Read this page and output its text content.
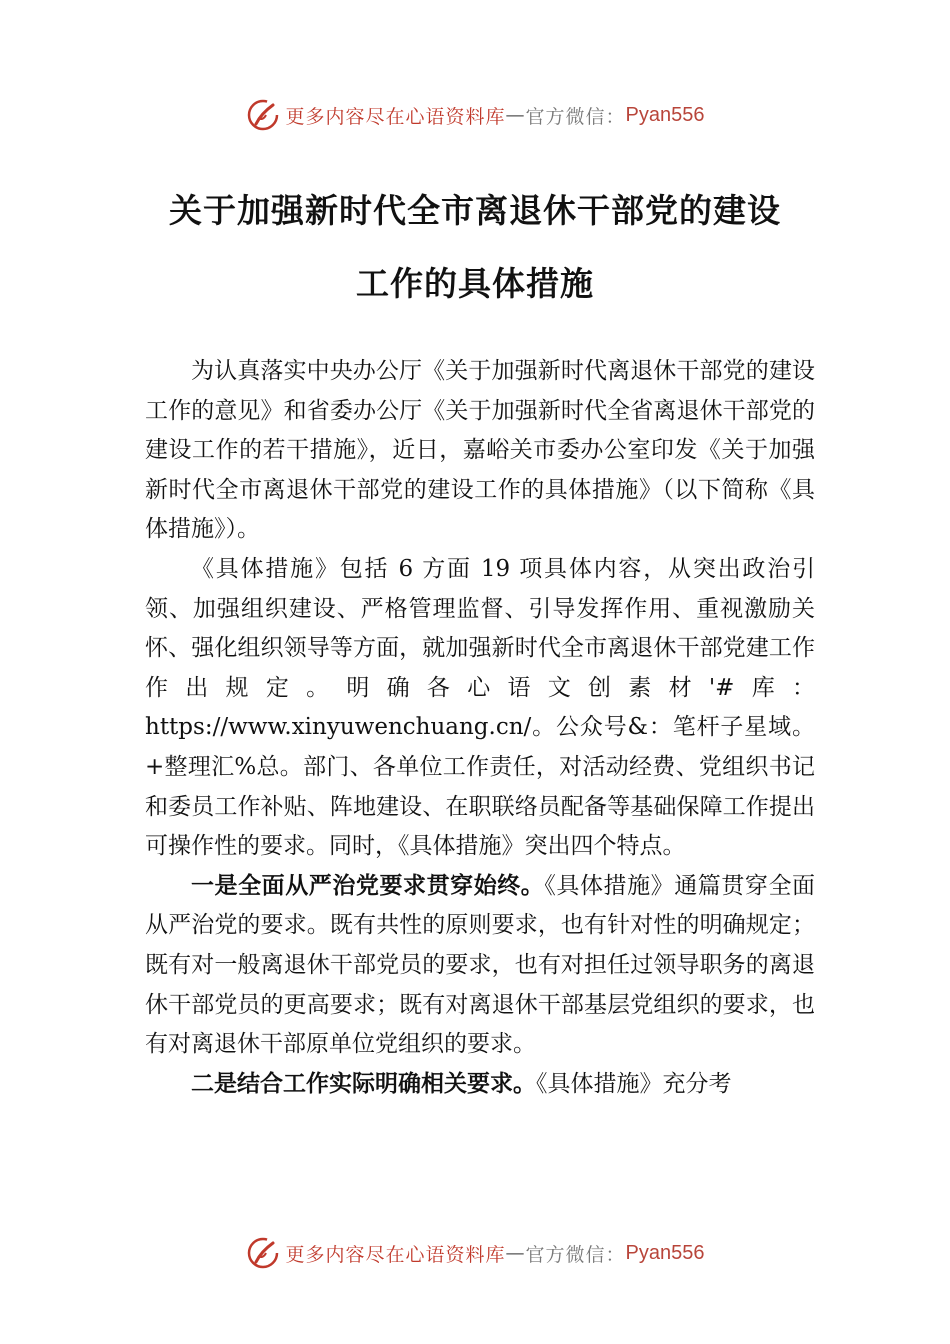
更多内容尽在心语资料库 — 官方微信： Pyan556
关于加强新时代全市离退休干部党的建设
工作的具体措施

为认真落实中央办公厅《关于加强新时代离退休干部党的建设工作的意见》和省委办公厅《关于加强新时代全省离退休干部党的建设工作的若干措施》，近日，嘉峪关市委办公室印发《关于加强新时代全市离退休干部党的建设工作的具体措施》（以下简称《具体措施》）。

《具体措施》包括 6 方面 19 项具体内容，从突出政治引领、加强组织建设、严格管理监督、引导发挥作用、重视激励关怀、强化组织领导等方面，就加强新时代全市离退休干部党建工作作出规定。明确各心语文创素材'#库：https://www.xinyuwenchuang.cn/。公众号&：笔杆子星域。+整理汇%总。部门、各单位工作责任，对活动经费、党组织书记和委员工作补贴、阵地建设、在职联络员配备等基础保障工作提出可操作性的要求。同时，《具体措施》突出四个特点。

一是全面从严治党要求贯穿始终。《具体措施》通篇贯穿全面从严治党的要求。既有共性的原则要求，也有针对性的明确规定；既有对一般离退休干部党员的要求，也有对担任过领导职务的离退休干部党员的更高要求；既有对离退休干部基层党组织的要求，也有对离退休干部原单位党组织的要求。

二是结合工作实际明确相关要求。《具体措施》充分考

更多内容尽在心语资料库 — 官方微信： Pyan556
